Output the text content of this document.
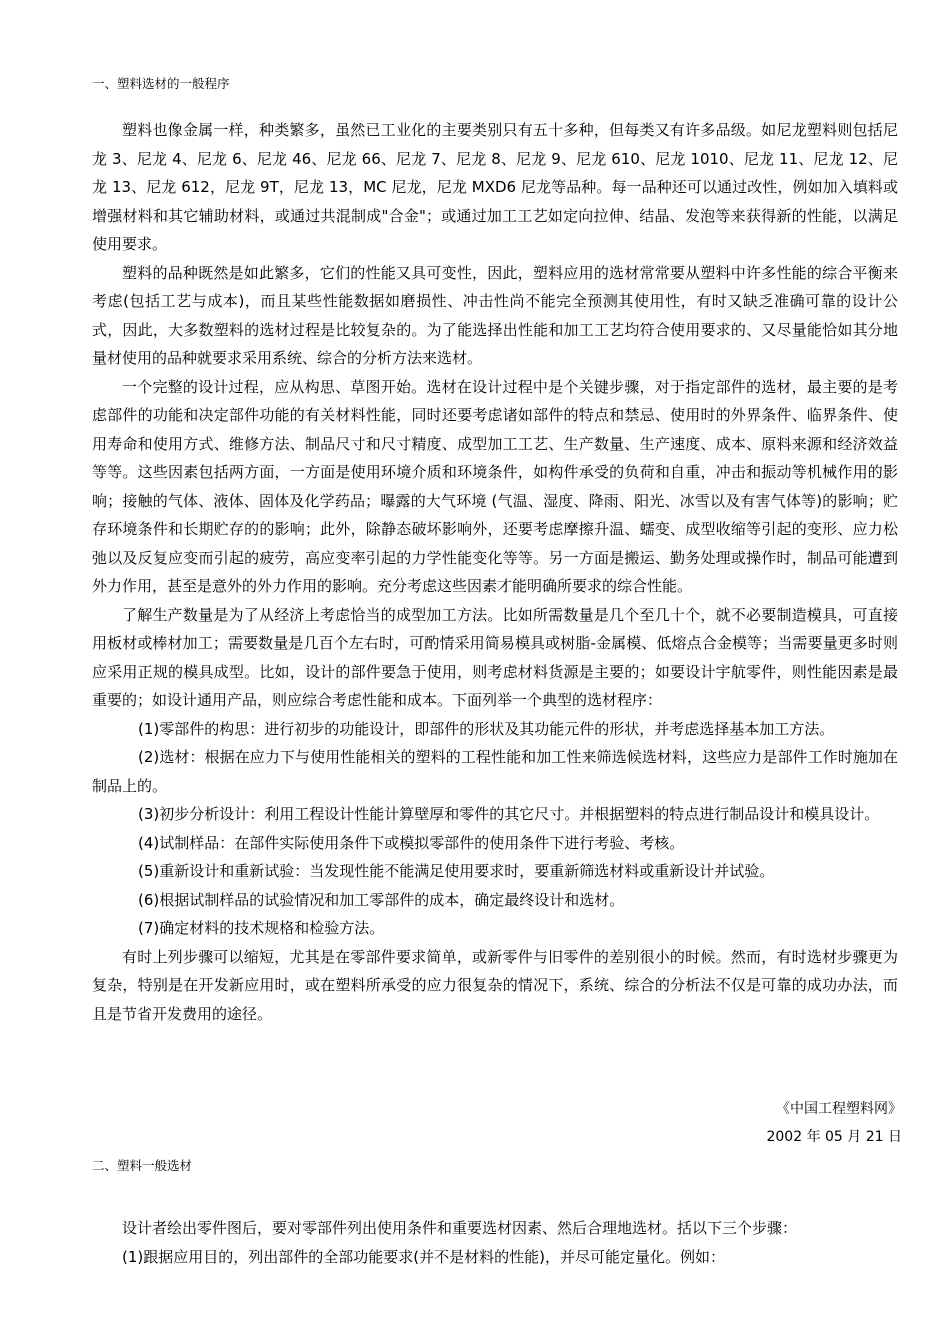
一、塑料选材的一般程序

塑料也像金属一样，种类繁多，虽然已工业化的主要类别只有五十多种，但每类又有许多品级。如尼龙塑料则包括尼龙 3、尼龙 4、尼龙 6、尼龙 46、尼龙 66、尼龙 7、尼龙 8、尼龙 9、尼龙 610、尼龙 1010、尼龙 11、尼龙 12、尼龙 13、尼龙 612，尼龙 9T，尼龙 13，MC 尼龙，尼龙 MXD6 尼龙等品种。每一品种还可以通过改性，例如加入填料或增强材料和其它辅助材料，或通过共混制成"合金"；或通过加工工艺如定向拉伸、结晶、发泡等来获得新的性能，以满足使用要求。

塑料的品种既然是如此繁多，它们的性能又具可变性，因此，塑料应用的选材常常要从塑料中许多性能的综合平衡来考虑(包括工艺与成本)，而且某些性能数据如磨损性、冲击性尚不能完全预测其使用性，有时又缺乏准确可靠的设计公式，因此，大多数塑料的选材过程是比较复杂的。为了能选择出性能和加工工艺均符合使用要求的、又尽量能恰如其分地量材使用的品种就要求采用系统、综合的分析方法来选材。

一个完整的设计过程，应从构思、草图开始。选材在设计过程中是个关键步骤，对于指定部件的选材，最主要的是考虑部件的功能和决定部件功能的有关材料性能，同时还要考虑诸如部件的特点和禁忌、使用时的外界条件、临界条件、使用寿命和使用方式、维修方法、制品尺寸和尺寸精度、成型加工工艺、生产数量、生产速度、成本、原料来源和经济效益等等。这些因素包括两方面，一方面是使用环境介质和环境条件，如构件承受的负荷和自重，冲击和振动等机械作用的影响；接触的气体、液体、固体及化学药品；曝露的大气环境 (气温、湿度、降雨、阳光、冰雪以及有害气体等)的影响；贮存环境条件和长期贮存的的影响；此外，除静态破坏影响外，还要考虑摩擦升温、蠕变、成型收缩等引起的变形、应力松弛以及反复应变而引起的疲劳，高应变率引起的力学性能变化等等。另一方面是搬运、勤务处理或操作时，制品可能遭到外力作用，甚至是意外的外力作用的影响。充分考虑这些因素才能明确所要求的综合性能。

了解生产数量是为了从经济上考虑恰当的成型加工方法。比如所需数量是几个至几十个，就不必要制造模具，可直接用板材或棒材加工；需要数量是几百个左右时，可酌情采用简易模具或树脂-金属模、低熔点合金模等；当需要量更多时则应采用正规的模具成型。比如，设计的部件要急于使用，则考虑材料货源是主要的；如要设计宇航零件，则性能因素是最重要的；如设计通用产品，则应综合考虑性能和成本。下面列举一个典型的选材程序：

(1)零部件的构思：进行初步的功能设计，即部件的形状及其功能元件的形状，并考虑选择基本加工方法。

(2)选材：根据在应力下与使用性能相关的塑料的工程性能和加工性来筛选候选材料，这些应力是部件工作时施加在制品上的。

(3)初步分析设计：利用工程设计性能计算壁厚和零件的其它尺寸。并根据塑料的特点进行制品设计和模具设计。

(4)试制样品：在部件实际使用条件下或模拟零部件的使用条件下进行考验、考核。

(5)重新设计和重新试验：当发现性能不能满足使用要求时，要重新筛选材料或重新设计并试验。

(6)根据试制样品的试验情况和加工零部件的成本，确定最终设计和选材。

(7)确定材料的技术规格和检验方法。

有时上列步骤可以缩短，尤其是在零部件要求简单，或新零件与旧零件的差别很小的时候。然而，有时选材步骤更为复杂，特别是在开发新应用时，或在塑料所承受的应力很复杂的情况下，系统、综合的分析法不仅是可靠的成功办法，而且是节省开发费用的途径。

《中国工程塑料网》
2002 年 05 月 21 日
二、塑料一般选材

设计者绘出零件图后，要对零部件列出使用条件和重要选材因素、然后合理地选材。括以下三个步骤：

(1)跟据应用目的，列出部件的全部功能要求(并不是材料的性能)，并尽可能定量化。例如：
